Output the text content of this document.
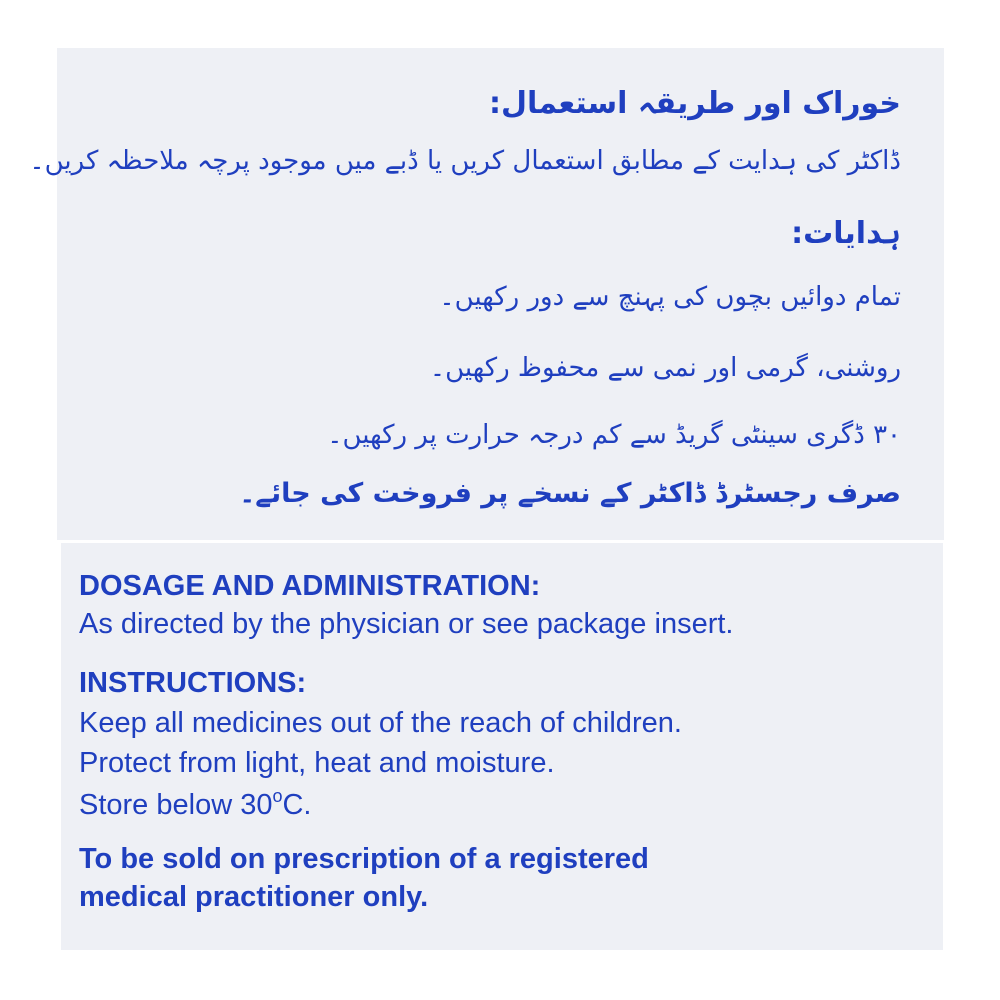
خوراک اور طریقہ استعمال:
ڈاکٹر کی ہدایت کے مطابق استعمال کریں یا ڈبے میں موجود پرچہ ملاحظہ کریں۔
ہدایات:
تمام دوائیں بچوں کی پہنچ سے دور رکھیں۔
روشنی، گرمی اور نمی سے محفوظ رکھیں۔
۳۰ ڈگری سینٹی گریڈ سے کم درجہ حرارت پر رکھیں۔
صرف رجسٹرڈ ڈاکٹر کے نسخے پر فروخت کی جائے۔
DOSAGE AND ADMINISTRATION:
As directed by the physician or see package insert.
INSTRUCTIONS:
Keep all medicines out of the reach of children.
Protect from light, heat and moisture.
Store below 30$^o$C.
To be sold on prescription of a registered
medical practitioner only.
